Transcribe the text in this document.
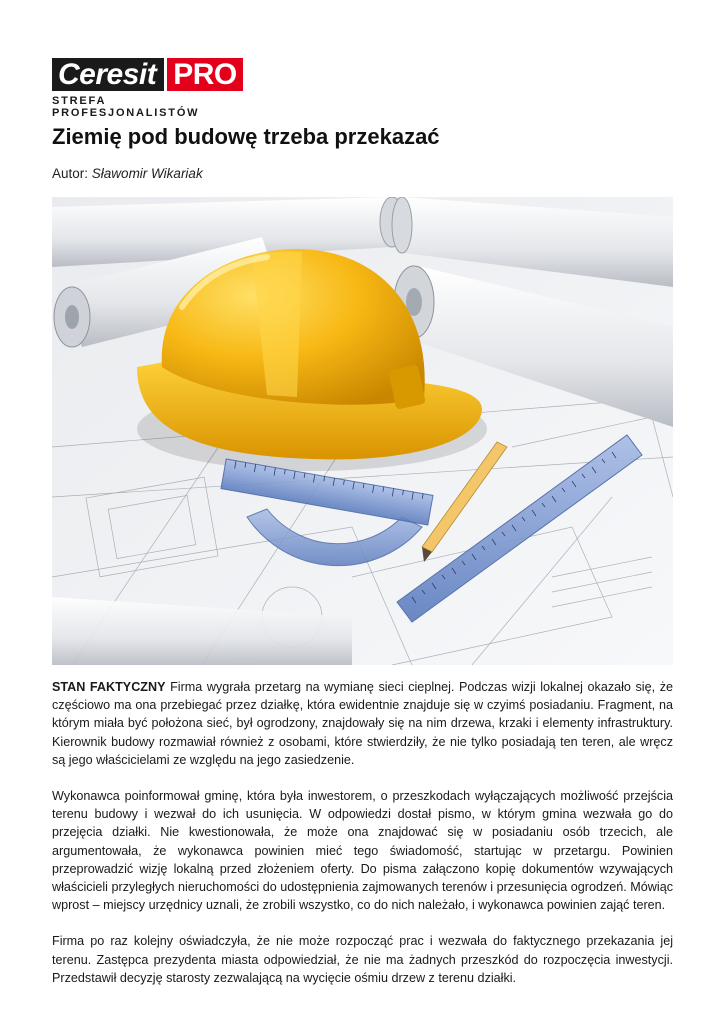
Ceresit PRO
STREFA PROFESJONALISTÓW
Ziemię pod budowę trzeba przekazać
Autor: Sławomir Wikariak

STAN FAKTYCZNY Firma wygrała przetarg na wymianę sieci cieplnej. Podczas wizji lokalnej okazało się, że częściowo ma ona przebiegać przez działkę, która ewidentnie znajduje się w czyimś posiadaniu. Fragment, na którym miała być położona sieć, był ogrodzony, znajdowały się na nim drzewa, krzaki i elementy infrastruktury. Kierownik budowy rozmawiał również z osobami, które stwierdziły, że nie tylko posiadają ten teren, ale wręcz są jego właścicielami ze względu na jego zasiedzenie.

Wykonawca poinformował gminę, która była inwestorem, o przeszkodach wyłączających możliwość przejścia terenu budowy i wezwał do ich usunięcia. W odpowiedzi dostał pismo, w którym gmina wezwała go do przejęcia działki. Nie kwestionowała, że może ona znajdować się w posiadaniu osób trzecich, ale argumentowała, że wykonawca powinien mieć tego świadomość, startując w przetargu. Powinien przeprowadzić wizję lokalną przed złożeniem oferty. Do pisma załączono kopię dokumentów wzywających właścicieli przyległych nieruchomości do udostępnienia zajmowanych terenów i przesunięcia ogrodzeń. Mówiąc wprost – miejscy urzędnicy uznali, że zrobili wszystko, co do nich należało, i wykonawca powinien zająć teren.

Firma po raz kolejny oświadczyła, że nie może rozpocząć prac i wezwała do faktycznego przekazania jej terenu. Zastępca prezydenta miasta odpowiedział, że nie ma żadnych przeszkód do rozpoczęcia inwestycji. Przedstawił decyzję starosty zezwalającą na wycięcie ośmiu drzew z terenu działki.
